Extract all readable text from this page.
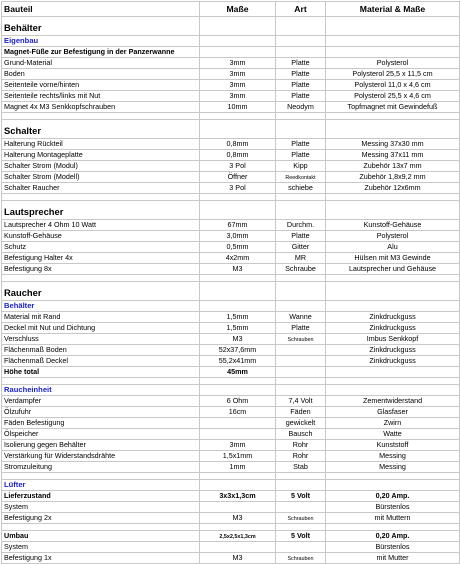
Bauteil	Maße	Art	Material & Maße
Behälter			
Eigenbau			
Magnet-Füße zur Befestigung in der Panzerwanne			
Grund-Material	3mm	Platte	Polysterol
Boden	3mm	Platte	Polysterol 25,5 x 11,5 cm
Seitenteile vorne/hinten	3mm	Platte	Polysterol 11,0 x 4,6 cm
Seitenteile rechts/links mit Nut	3mm	Platte	Polysterol 25,5 x 4,6 cm
Magnet 4x M3 Senkkopfschrauben	10mm	Neodym	Topfmagnet mit Gewindefuß

Schalter			
Halterung Rückteil	0,8mm	Platte	Messing 37x30 mm
Halterung Montageplatte	0,8mm	Platte	Messing 37x11 mm
Schalter Strom (Modul)	3 Pol	Kipp	Zubehör 13x7 mm
Schalter Strom (Modell)	Öffner	Reedkontakt	Zubehör 1,8x9,2 mm
Schalter Raucher	3 Pol	schiebe	Zubehör 12x6mm

Lautsprecher			
Lautsprecher 4 Ohm 10 Watt	67mm	Durchm.	Kunstoff-Gehäuse
Kunstoff-Gehäuse	3,0mm	Platte	Polysterol
Schutz	0,5mm	Gitter	Alu
Befestigung Halter 4x	4x2mm	MR	Hülsen mit M3 Gewinde
Befestigung 8x	M3	Schraube	Lautsprecher und Gehäuse

Raucher			
Behälter			
Material mit Rand	1,5mm	Wanne	Zinkdruckguss
Deckel mit Nut und Dichtung	1,5mm	Platte	Zinkdruckguss
Verschluss	M3	Schrauben	Imbus Senkkopf
Flächenmaß Boden	52x37,6mm		Zinkdruckguss
Flächenmaß Deckel	55,2x41mm		Zinkdruckguss
Höhe total	45mm		

Raucheinheit			
Verdampfer	6 Ohm	7,4 Volt	Zementwiderstand
Ölzufuhr	16cm	Fäden	Glasfaser
Fäden Befestigung		gewickelt	Zwirn
Ölspeicher		Bausch	Watte
Isolierung gegen Behälter	3mm	Rohr	Kunststoff
Verstärkung für Widerstandsdrähte	1,5x1mm	Rohr	Messing
Stromzuleitung	1mm	Stab	Messing

Lüfter			
Lieferzustand	3x3x1,3cm	5 Volt	0,20 Amp.
System			Bürstenlos
Befestigung 2x	M3	Schrauben	mit Muttern

Umbau	2,5x2,5x1,3cm	5 Volt	0,20 Amp.
System			Bürstenlos
Befestigung 1x	M3	Schrauben	mit Mutter
